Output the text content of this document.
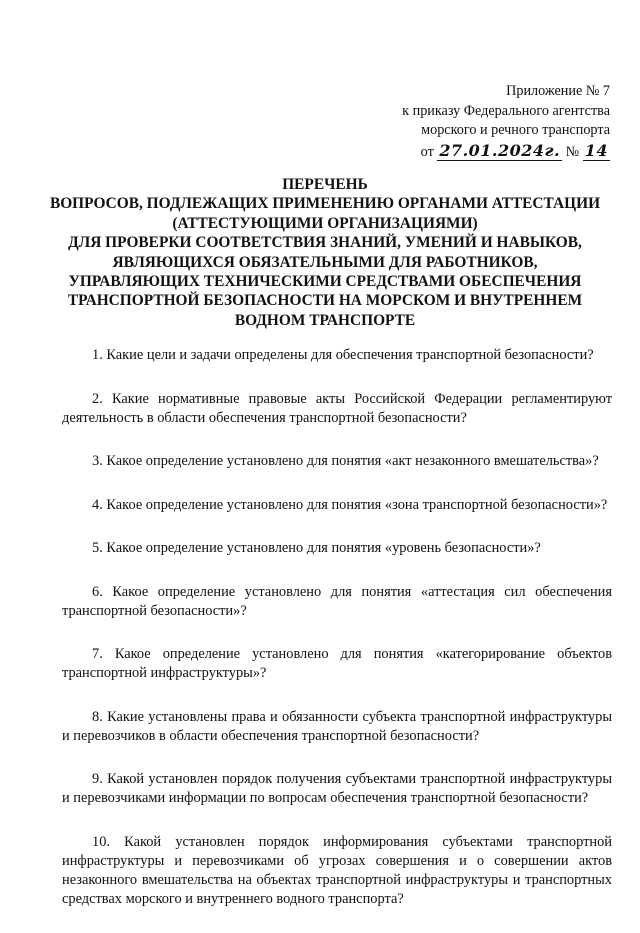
Приложение № 7
к приказу Федерального агентства
морского и речного транспорта
от 27.01.2024г. № 14
ПЕРЕЧЕНЬ
ВОПРОСОВ, ПОДЛЕЖАЩИХ ПРИМЕНЕНИЮ ОРГАНАМИ АТТЕСТАЦИИ
(АТТЕСТУЮЩИМИ ОРГАНИЗАЦИЯМИ)
ДЛЯ ПРОВЕРКИ СООТВЕТСТВИЯ ЗНАНИЙ, УМЕНИЙ И НАВЫКОВ,
ЯВЛЯЮЩИХСЯ ОБЯЗАТЕЛЬНЫМИ ДЛЯ РАБОТНИКОВ,
УПРАВЛЯЮЩИХ ТЕХНИЧЕСКИМИ СРЕДСТВАМИ ОБЕСПЕЧЕНИЯ
ТРАНСПОРТНОЙ БЕЗОПАСНОСТИ НА МОРСКОМ И ВНУТРЕННЕМ
ВОДНОМ ТРАНСПОРТЕ

1. Какие цели и задачи определены для обеспечения транспортной безопасности?

2. Какие нормативные правовые акты Российской Федерации регламентируют деятельность в области обеспечения транспортной безопасности?

3. Какое определение установлено для понятия «акт незаконного вмешательства»?

4. Какое определение установлено для понятия «зона транспортной безопасности»?

5. Какое определение установлено для понятия «уровень безопасности»?

6. Какое определение установлено для понятия «аттестация сил обеспечения транспортной безопасности»?

7. Какое определение установлено для понятия «категорирование объектов транспортной инфраструктуры»?

8. Какие установлены права и обязанности субъекта транспортной инфраструктуры и перевозчиков в области обеспечения транспортной безопасности?

9. Какой установлен порядок получения субъектами транспортной инфраструктуры и перевозчиками информации по вопросам обеспечения транспортной безопасности?

10. Какой установлен порядок информирования субъектами транспортной инфраструктуры и перевозчиками об угрозах совершения и о совершении актов незаконного вмешательства на объектах транспортной инфраструктуры и транспортных средствах морского и внутреннего водного транспорта?
